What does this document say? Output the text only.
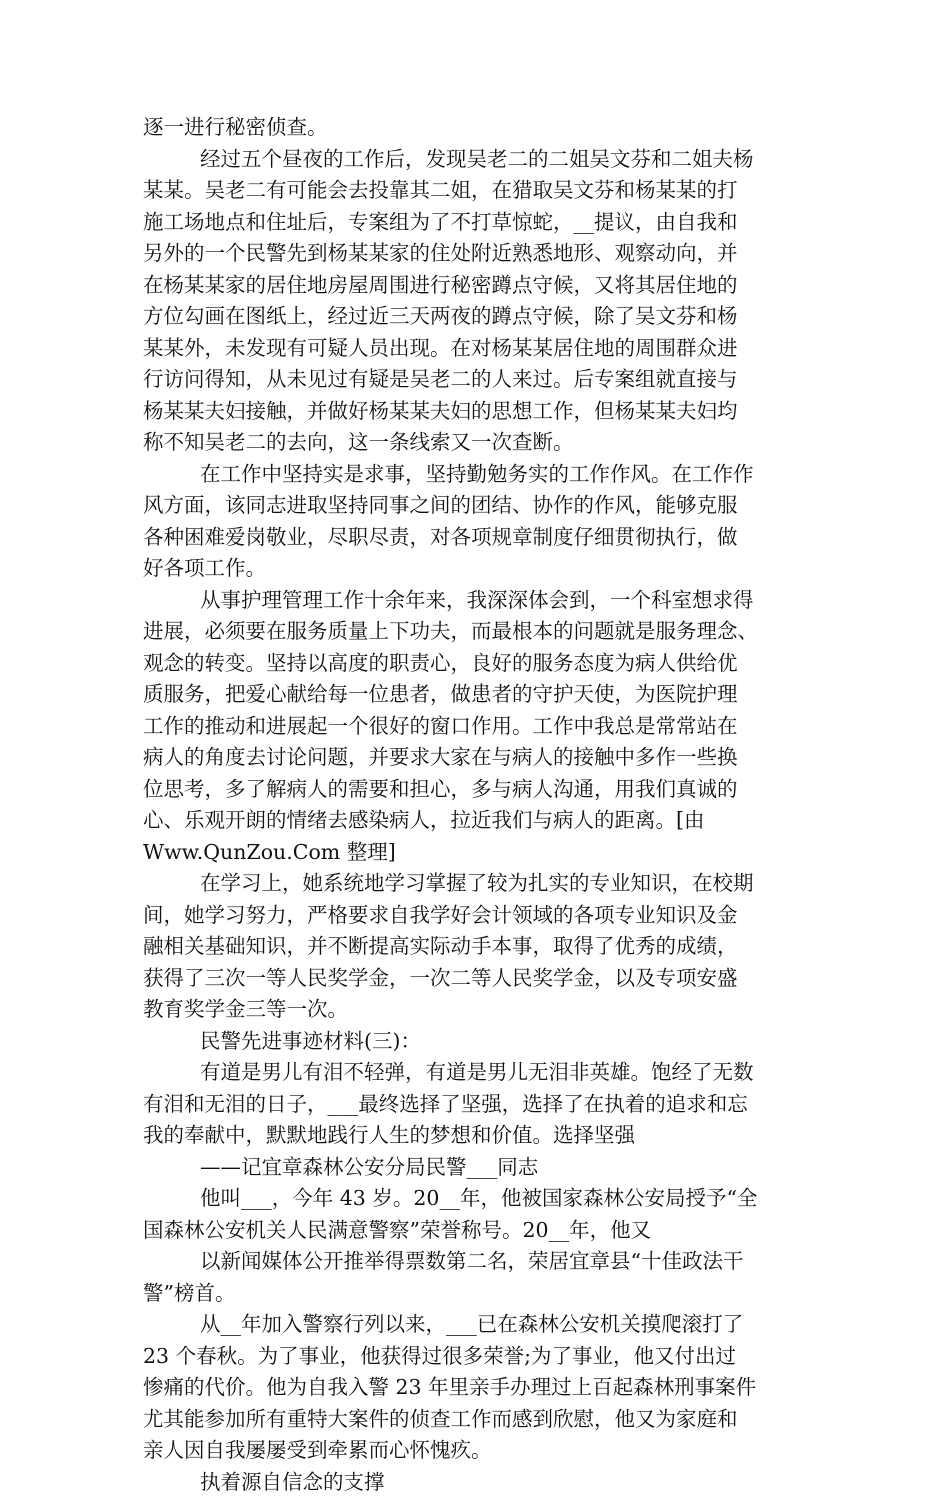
逐一进行秘密侦查。
经过五个昼夜的工作后，发现吴老二的二姐吴文芬和二姐夫杨
某某。吴老二有可能会去投靠其二姐，在猎取吴文芬和杨某某的打
施工场地点和住址后，专案组为了不打草惊蛇，__提议，由自我和
另外的一个民警先到杨某某家的住处附近熟悉地形、观察动向，并
在杨某某家的居住地房屋周围进行秘密蹲点守候，又将其居住地的
方位勾画在图纸上，经过近三天两夜的蹲点守候，除了吴文芬和杨
某某外，未发现有可疑人员出现。在对杨某某居住地的周围群众进
行访问得知，从未见过有疑是吴老二的人来过。后专案组就直接与
杨某某夫妇接触，并做好杨某某夫妇的思想工作，但杨某某夫妇均
称不知吴老二的去向，这一条线索又一次查断。
在工作中坚持实是求事，坚持勤勉务实的工作作风。在工作作
风方面，该同志进取坚持同事之间的团结、协作的作风，能够克服
各种困难爱岗敬业，尽职尽责，对各项规章制度仔细贯彻执行，做
好各项工作。
从事护理管理工作十余年来，我深深体会到，一个科室想求得
进展，必须要在服务质量上下功夫，而最根本的问题就是服务理念、
观念的转变。坚持以高度的职责心，良好的服务态度为病人供给优
质服务，把爱心献给每一位患者，做患者的守护天使，为医院护理
工作的推动和进展起一个很好的窗口作用。工作中我总是常常站在
病人的角度去讨论问题，并要求大家在与病人的接触中多作一些换
位思考，多了解病人的需要和担心，多与病人沟通，用我们真诚的
心、乐观开朗的情绪去感染病人，拉近我们与病人的距离。[由
Www.QunZou.Com 整理]
在学习上，她系统地学习掌握了较为扎实的专业知识，在校期
间，她学习努力，严格要求自我学好会计领域的各项专业知识及金
融相关基础知识，并不断提高实际动手本事，取得了优秀的成绩，
获得了三次一等人民奖学金，一次二等人民奖学金，以及专项安盛
教育奖学金三等一次。
民警先进事迹材料(三)：
有道是男儿有泪不轻弹，有道是男儿无泪非英雄。饱经了无数
有泪和无泪的日子，___最终选择了坚强，选择了在执着的追求和忘
我的奉献中，默默地践行人生的梦想和价值。选择坚强
——记宜章森林公安分局民警___同志
他叫___，今年 43 岁。20__年，他被国家森林公安局授予“全
国森林公安机关人民满意警察”荣誉称号。20__年，他又
以新闻媒体公开推举得票数第二名，荣居宜章县“十佳政法干
警”榜首。
从__年加入警察行列以来，___已在森林公安机关摸爬滚打了
23 个春秋。为了事业，他获得过很多荣誉;为了事业，他又付出过
惨痛的代价。他为自我入警 23 年里亲手办理过上百起森林刑事案件
尤其能参加所有重特大案件的侦查工作而感到欣慰，他又为家庭和
亲人因自我屡屡受到牵累而心怀愧疚。
执着源自信念的支撑
